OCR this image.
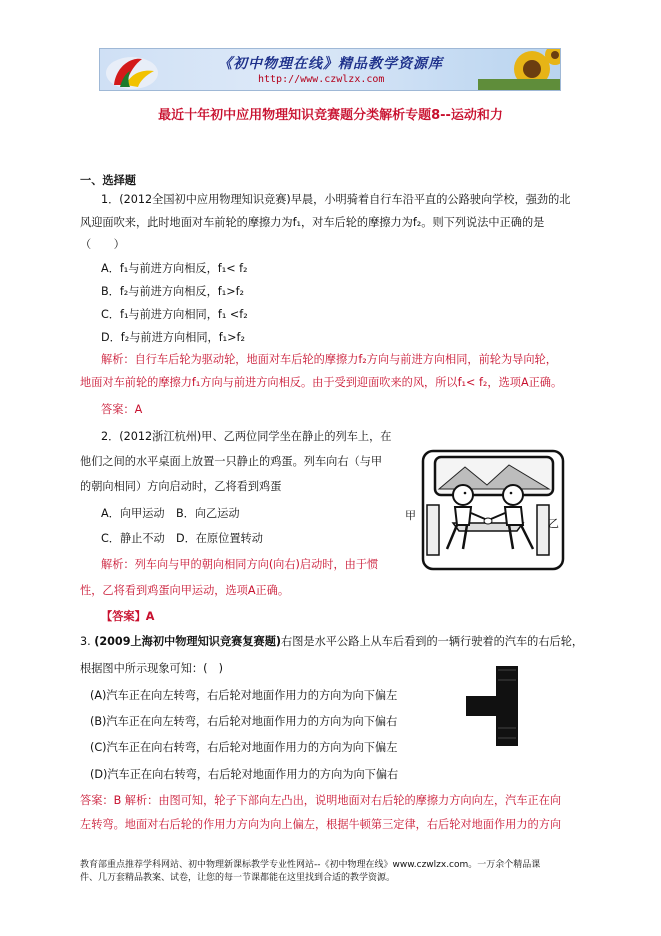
《初中物理在线》精品教学资源库
http://www.czwlzx.com
最近十年初中应用物理知识竞赛题分类解析专题8--运动和力
一、选择题
1．(2012全国初中应用物理知识竞赛)早晨，小明骑着自行车沿平直的公路驶向学校，强劲的北
风迎面吹来，此时地面对车前轮的摩擦力为f₁，对车后轮的摩擦力为f₂。则下列说法中正确的是
（　　）
A．f₁与前进方向相反，f₁< f₂
B．f₂与前进方向相反，f₁>f₂
C．f₁与前进方向相同，f₁ <f₂
D．f₂与前进方向相同，f₁>f₂
解析：自行车后轮为驱动轮，地面对车后轮的摩擦力f₂方向与前进方向相同，前轮为导向轮，
地面对车前轮的摩擦力f₁方向与前进方向相反。由于受到迎面吹来的风，所以f₁< f₂，选项A正确。
答案：A
2．(2012浙江杭州)甲、乙两位同学坐在静止的列车上，在
他们之间的水平桌面上放置一只静止的鸡蛋。列车向右（与甲
的朝向相同）方向启动时，乙将看到鸡蛋
A．向甲运动 B．向乙运动
C．静止不动 D．在原位置转动
解析：列车向与甲的朝向相同方向(向右)启动时，由于惯
性，乙将看到鸡蛋向甲运动，选项A正确。
【答案】A
甲
乙
3. (2009上海初中物理知识竞赛复赛题)右图是水平公路上从车后看到的一辆行驶着的汽车的右后轮，
根据图中所示现象可知：(　)
(A)汽车正在向左转弯，右后轮对地面作用力的方向为向下偏左
(B)汽车正在向左转弯，右后轮对地面作用力的方向为向下偏右
(C)汽车正在向右转弯，右后轮对地面作用力的方向为向下偏左
(D)汽车正在向右转弯，右后轮对地面作用力的方向为向下偏右
答案：B 解析：由图可知，轮子下部向左凸出，说明地面对右后轮的摩擦力方向向左，汽车正在向
左转弯。地面对右后轮的作用力方向为向上偏左，根据牛顿第三定律，右后轮对地面作用力的方向
教育部重点推荐学科网站、初中物理新课标教学专业性网站--《初中物理在线》www.czwlzx.com。一万余个精品课
件、几万套精品教案、试卷，让您的每一节课都能在这里找到合适的教学资源。
